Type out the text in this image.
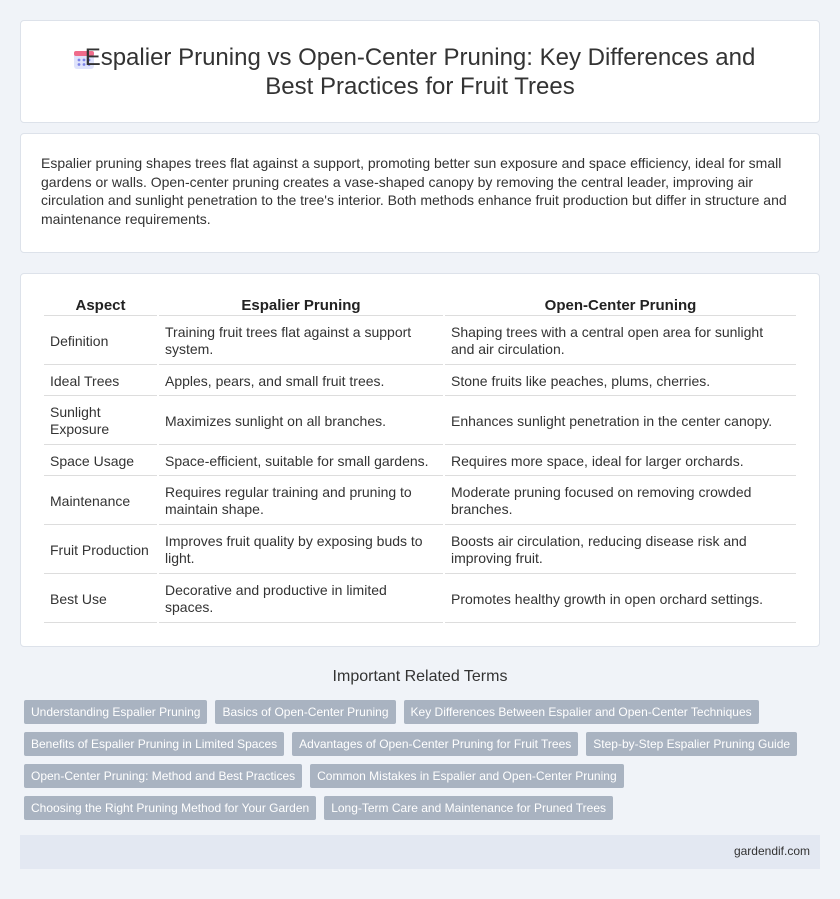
Espalier Pruning vs Open-Center Pruning: Key Differences and Best Practices for Fruit Trees

Espalier pruning shapes trees flat against a support, promoting better sun exposure and space efficiency, ideal for small gardens or walls. Open-center pruning creates a vase-shaped canopy by removing the central leader, improving air circulation and sunlight penetration to the tree's interior. Both methods enhance fruit production but differ in structure and maintenance requirements.

Aspect	Espalier Pruning	Open-Center Pruning
Definition	Training fruit trees flat against a support system.	Shaping trees with a central open area for sunlight and air circulation.
Ideal Trees	Apples, pears, and small fruit trees.	Stone fruits like peaches, plums, cherries.
Sunlight Exposure	Maximizes sunlight on all branches.	Enhances sunlight penetration in the center canopy.
Space Usage	Space-efficient, suitable for small gardens.	Requires more space, ideal for larger orchards.
Maintenance	Requires regular training and pruning to maintain shape.	Moderate pruning focused on removing crowded branches.
Fruit Production	Improves fruit quality by exposing buds to light.	Boosts air circulation, reducing disease risk and improving fruit.
Best Use	Decorative and productive in limited spaces.	Promotes healthy growth in open orchard settings.
Important Related Terms
Understanding Espalier Pruning	Basics of Open-Center Pruning	Key Differences Between Espalier and Open-Center Techniques
Benefits of Espalier Pruning in Limited Spaces	Advantages of Open-Center Pruning for Fruit Trees	Step-by-Step Espalier Pruning Guide
Open-Center Pruning: Method and Best Practices	Common Mistakes in Espalier and Open-Center Pruning
Choosing the Right Pruning Method for Your Garden	Long-Term Care and Maintenance for Pruned Trees
gardendif.com
